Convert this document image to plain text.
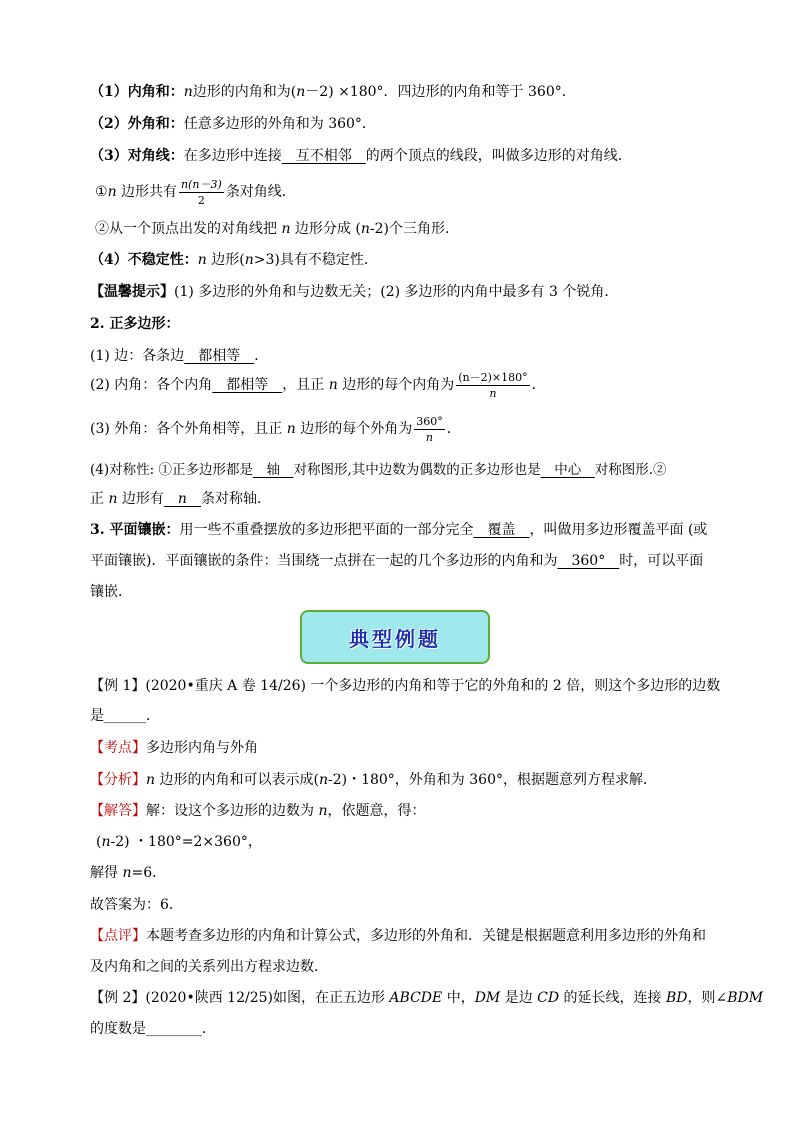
（1）内角和：n边形的内角和为(n－2) ×180°．四边形的内角和等于 360°．
（2）外角和：任意多边形的外角和为 360°．
（3）对角线：在多边形中连接　互不相邻　的两个顶点的线段，叫做多边形的对角线．
①n 边形共有 $\frac{n(n-3)}{2}$ 条对角线．
②从一个顶点出发的对角线把 n 边形分成 (n-2)个三角形．
（4）不稳定性：n 边形(n>3)具有不稳定性．
【温馨提示】(1) 多边形的外角和与边数无关；(2) 多边形的内角中最多有 3 个锐角．
2. 正多边形：
(1) 边：各条边　都相等　．
(2) 内角：各个内角　都相等　，且正 n 边形的每个内角为 $\frac{(n-2)\times 180^\circ}{n}$ ．
(3) 外角：各个外角相等，且正 n 边形的每个外角为 $\frac{360^\circ}{n}$ ．
(4)对称性: ①正多边形都是　轴　对称图形,其中边数为偶数的正多边形也是　中心　对称图形.②
正 n 边形有　n　条对称轴．
3. 平面镶嵌：用一些不重叠摆放的多边形把平面的一部分完全　覆盖　，叫做用多边形覆盖平面 (或
平面镶嵌)．平面镶嵌的条件：当围绕一点拼在一起的几个多边形的内角和为　360°　时，可以平面
镶嵌．
典型例题
【例 1】(2020•重庆 A 卷 14/26) 一个多边形的内角和等于它的外角和的 2 倍，则这个多边形的边数
是______．
【考点】多边形内角与外角
【分析】n 边形的内角和可以表示成(n-2)・180°，外角和为 360°，根据题意列方程求解．
【解答】解：设这个多边形的边数为 n，依题意，得：
(n-2) ・180°=2×360°，
解得 n=6．
故答案为：6．
【点评】本题考查多边形的内角和计算公式，多边形的外角和．关键是根据题意利用多边形的外角和
及内角和之间的关系列出方程求边数．
【例 2】(2020•陕西 12/25)如图，在正五边形 ABCDE 中，DM 是边 CD 的延长线，连接 BD，则∠BDM
的度数是________．
